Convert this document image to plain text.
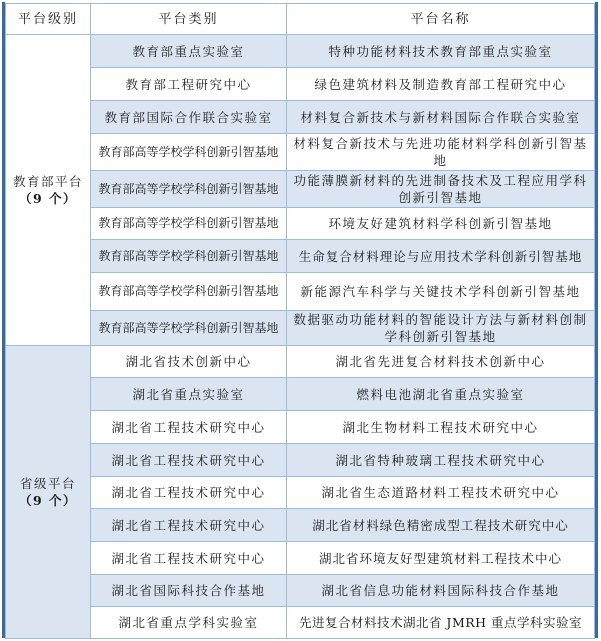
平台级别	平台类别	平台名称
教育部平台
（9 个）	教育部重点实验室	特种功能材料技术教育部重点实验室
	教育部工程研究中心	绿色建筑材料及制造教育部工程研究中心
	教育部国际合作联合实验室	材料复合新技术与新材料国际合作联合实验室
	教育部高等学校学科创新引智基地	材料复合新技术与先进功能材料学科创新引智基地
	教育部高等学校学科创新引智基地	功能薄膜新材料的先进制备技术及工程应用学科创新引智基地
	教育部高等学校学科创新引智基地	环境友好建筑材料学科创新引智基地
	教育部高等学校学科创新引智基地	生命复合材料理论与应用技术学科创新引智基地
	教育部高等学校学科创新引智基地	新能源汽车科学与关键技术学科创新引智基地
	教育部高等学校学科创新引智基地	数据驱动功能材料的智能设计方法与新材料创制学科创新引智基地
省级平台
（9 个）	湖北省技术创新中心	湖北省先进复合材料技术创新中心
	湖北省重点实验室	燃料电池湖北省重点实验室
	湖北省工程技术研究中心	湖北生物材料工程技术研究中心
	湖北省工程技术研究中心	湖北省特种玻璃工程技术研究中心
	湖北省工程技术研究中心	湖北省生态道路材料工程技术研究中心
	湖北省工程技术研究中心	湖北省材料绿色精密成型工程技术研究中心
	湖北省工程技术研究中心	湖北省环境友好型建筑材料工程技术中心
	湖北省国际科技合作基地	湖北省信息功能材料国际科技合作基地
	湖北省重点学科实验室	先进复合材料技术湖北省 JMRH 重点学科实验室
